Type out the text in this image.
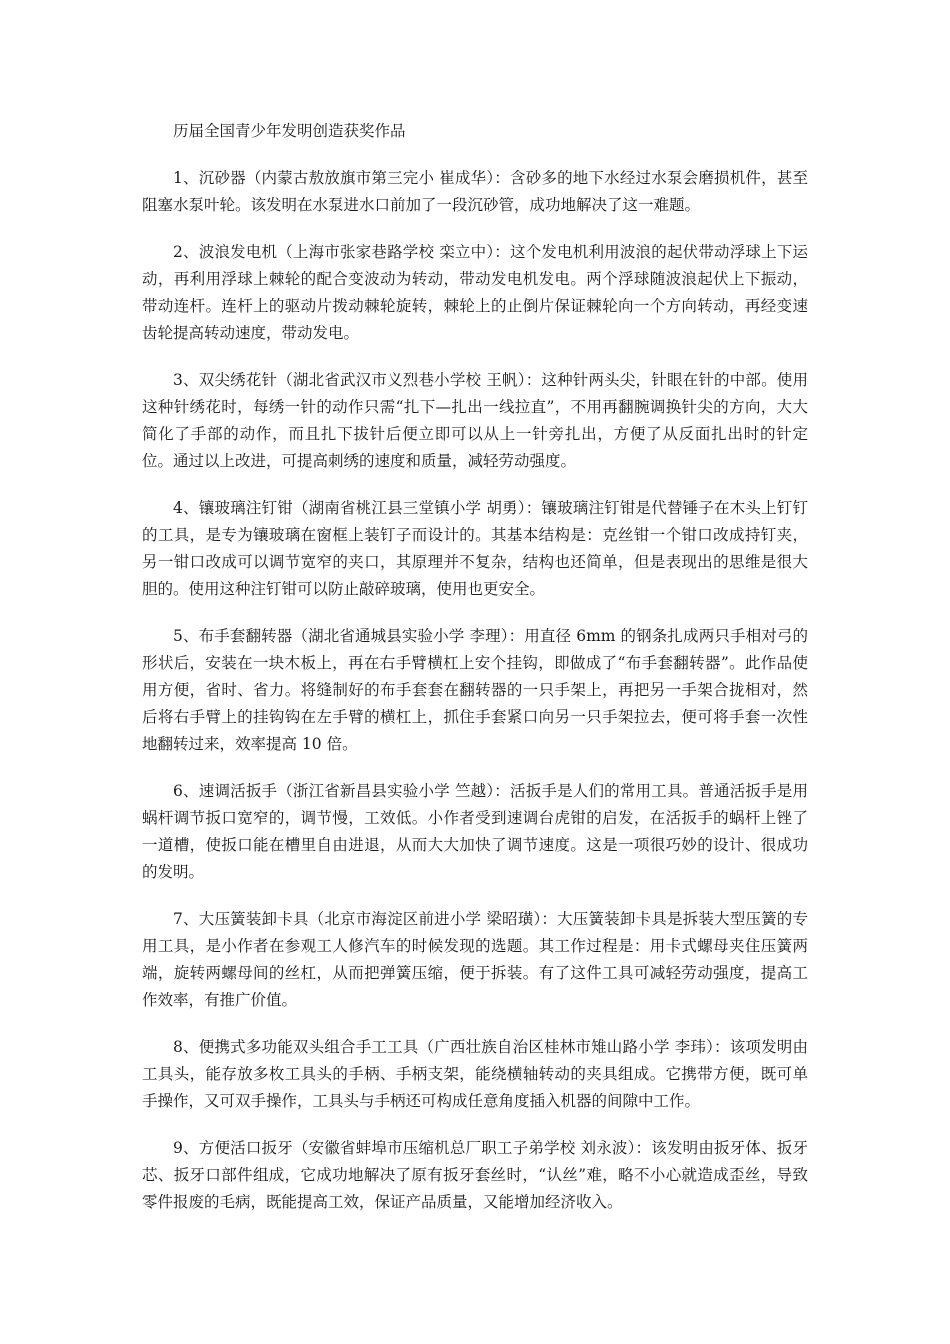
历届全国青少年发明创造获奖作品

1、沉砂器（内蒙古敖放旗市第三完小 崔成华）：含砂多的地下水经过水泵会磨损机件，甚至阻塞水泵叶轮。该发明在水泵进水口前加了一段沉砂管，成功地解决了这一难题。

2、波浪发电机（上海市张家巷路学校 栾立中）：这个发电机利用波浪的起伏带动浮球上下运动，再利用浮球上棘轮的配合变波动为转动，带动发电机发电。两个浮球随波浪起伏上下振动，带动连杆。连杆上的驱动片拨动棘轮旋转，棘轮上的止倒片保证棘轮向一个方向转动，再经变速齿轮提高转动速度，带动发电。

3、双尖绣花针（湖北省武汉市义烈巷小学校 王帆）：这种针两头尖，针眼在针的中部。使用这种针绣花时，每绣一针的动作只需“扎下—扎出一线拉直”，不用再翻腕调换针尖的方向，大大简化了手部的动作，而且扎下拔针后便立即可以从上一针旁扎出，方便了从反面扎出时的针定位。通过以上改进，可提高刺绣的速度和质量，减轻劳动强度。

4、镶玻璃注钉钳（湖南省桃江县三堂镇小学 胡勇）：镶玻璃注钉钳是代替锤子在木头上钉钉的工具，是专为镶玻璃在窗框上装钉子而设计的。其基本结构是：克丝钳一个钳口改成持钉夹，另一钳口改成可以调节宽窄的夹口，其原理并不复杂，结构也还简单，但是表现出的思维是很大胆的。使用这种注钉钳可以防止敲碎玻璃，使用也更安全。

5、布手套翻转器（湖北省通城县实验小学 李理）：用直径 6mm 的钢条扎成两只手相对弓的形状后，安装在一块木板上，再在右手臂横杠上安个挂钩，即做成了“布手套翻转器”。此作品使用方便，省时、省力。将缝制好的布手套套在翻转器的一只手架上，再把另一手架合拢相对，然后将右手臂上的挂钩钩在左手臂的横杠上，抓住手套紧口向另一只手架拉去，便可将手套一次性地翻转过来，效率提高 10 倍。

6、速调活扳手（浙江省新昌县实验小学 竺越）：活扳手是人们的常用工具。普通活扳手是用蜗杆调节扳口宽窄的，调节慢，工效低。小作者受到速调台虎钳的启发，在活扳手的蜗杆上锉了一道槽，使扳口能在槽里自由进退，从而大大加快了调节速度。这是一项很巧妙的设计、很成功的发明。

7、大压簧装卸卡具（北京市海淀区前进小学 梁昭璜）：大压簧装卸卡具是拆装大型压簧的专用工具，是小作者在参观工人修汽车的时候发现的选题。其工作过程是：用卡式螺母夹住压簧两端，旋转两螺母间的丝杠，从而把弹簧压缩，便于拆装。有了这件工具可减轻劳动强度，提高工作效率，有推广价值。

8、便携式多功能双头组合手工工具（广西壮族自治区桂林市雉山路小学 李玮）：该项发明由工具头，能存放多枚工具头的手柄、手柄支架，能绕横轴转动的夹具组成。它携带方便，既可单手操作，又可双手操作，工具头与手柄还可构成任意角度插入机器的间隙中工作。

9、方便活口扳牙（安徽省蚌埠市压缩机总厂职工子弟学校 刘永波）：该发明由扳牙体、扳牙芯、扳牙口部件组成，它成功地解决了原有扳牙套丝时，“认丝”难，略不小心就造成歪丝，导致零件报废的毛病，既能提高工效，保证产品质量，又能增加经济收入。
